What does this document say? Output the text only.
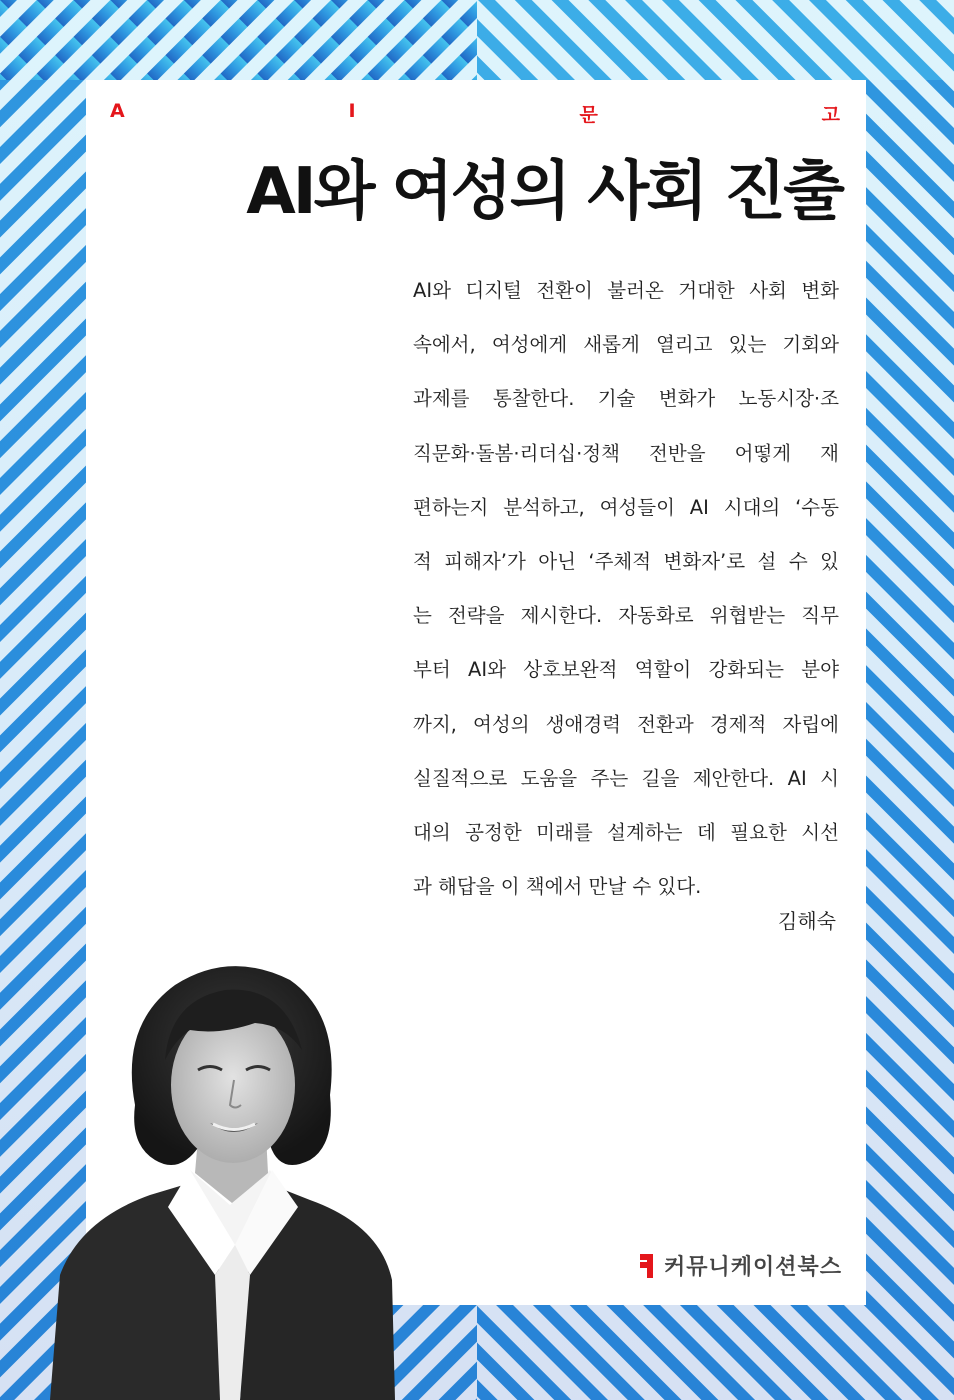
A	I	문	고
AI와 여성의 사회 진출
AI와 디지털 전환이 불러온 거대한 사회 변화
속에서, 여성에게 새롭게 열리고 있는 기회와
과제를 통찰한다. 기술 변화가 노동시장·조
직문화·돌봄·리더십·정책 전반을 어떻게 재
편하는지 분석하고, 여성들이 AI 시대의 ‘수동
적 피해자’가 아닌 ‘주체적 변화자’로 설 수 있
는 전략을 제시한다. 자동화로 위협받는 직무
부터 AI와 상호보완적 역할이 강화되는 분야
까지, 여성의 생애경력 전환과 경제적 자립에
실질적으로 도움을 주는 길을 제안한다. AI 시
대의 공정한 미래를 설계하는 데 필요한 시선
과 해답을 이 책에서 만날 수 있다.
김해숙
커뮤니케이션북스
